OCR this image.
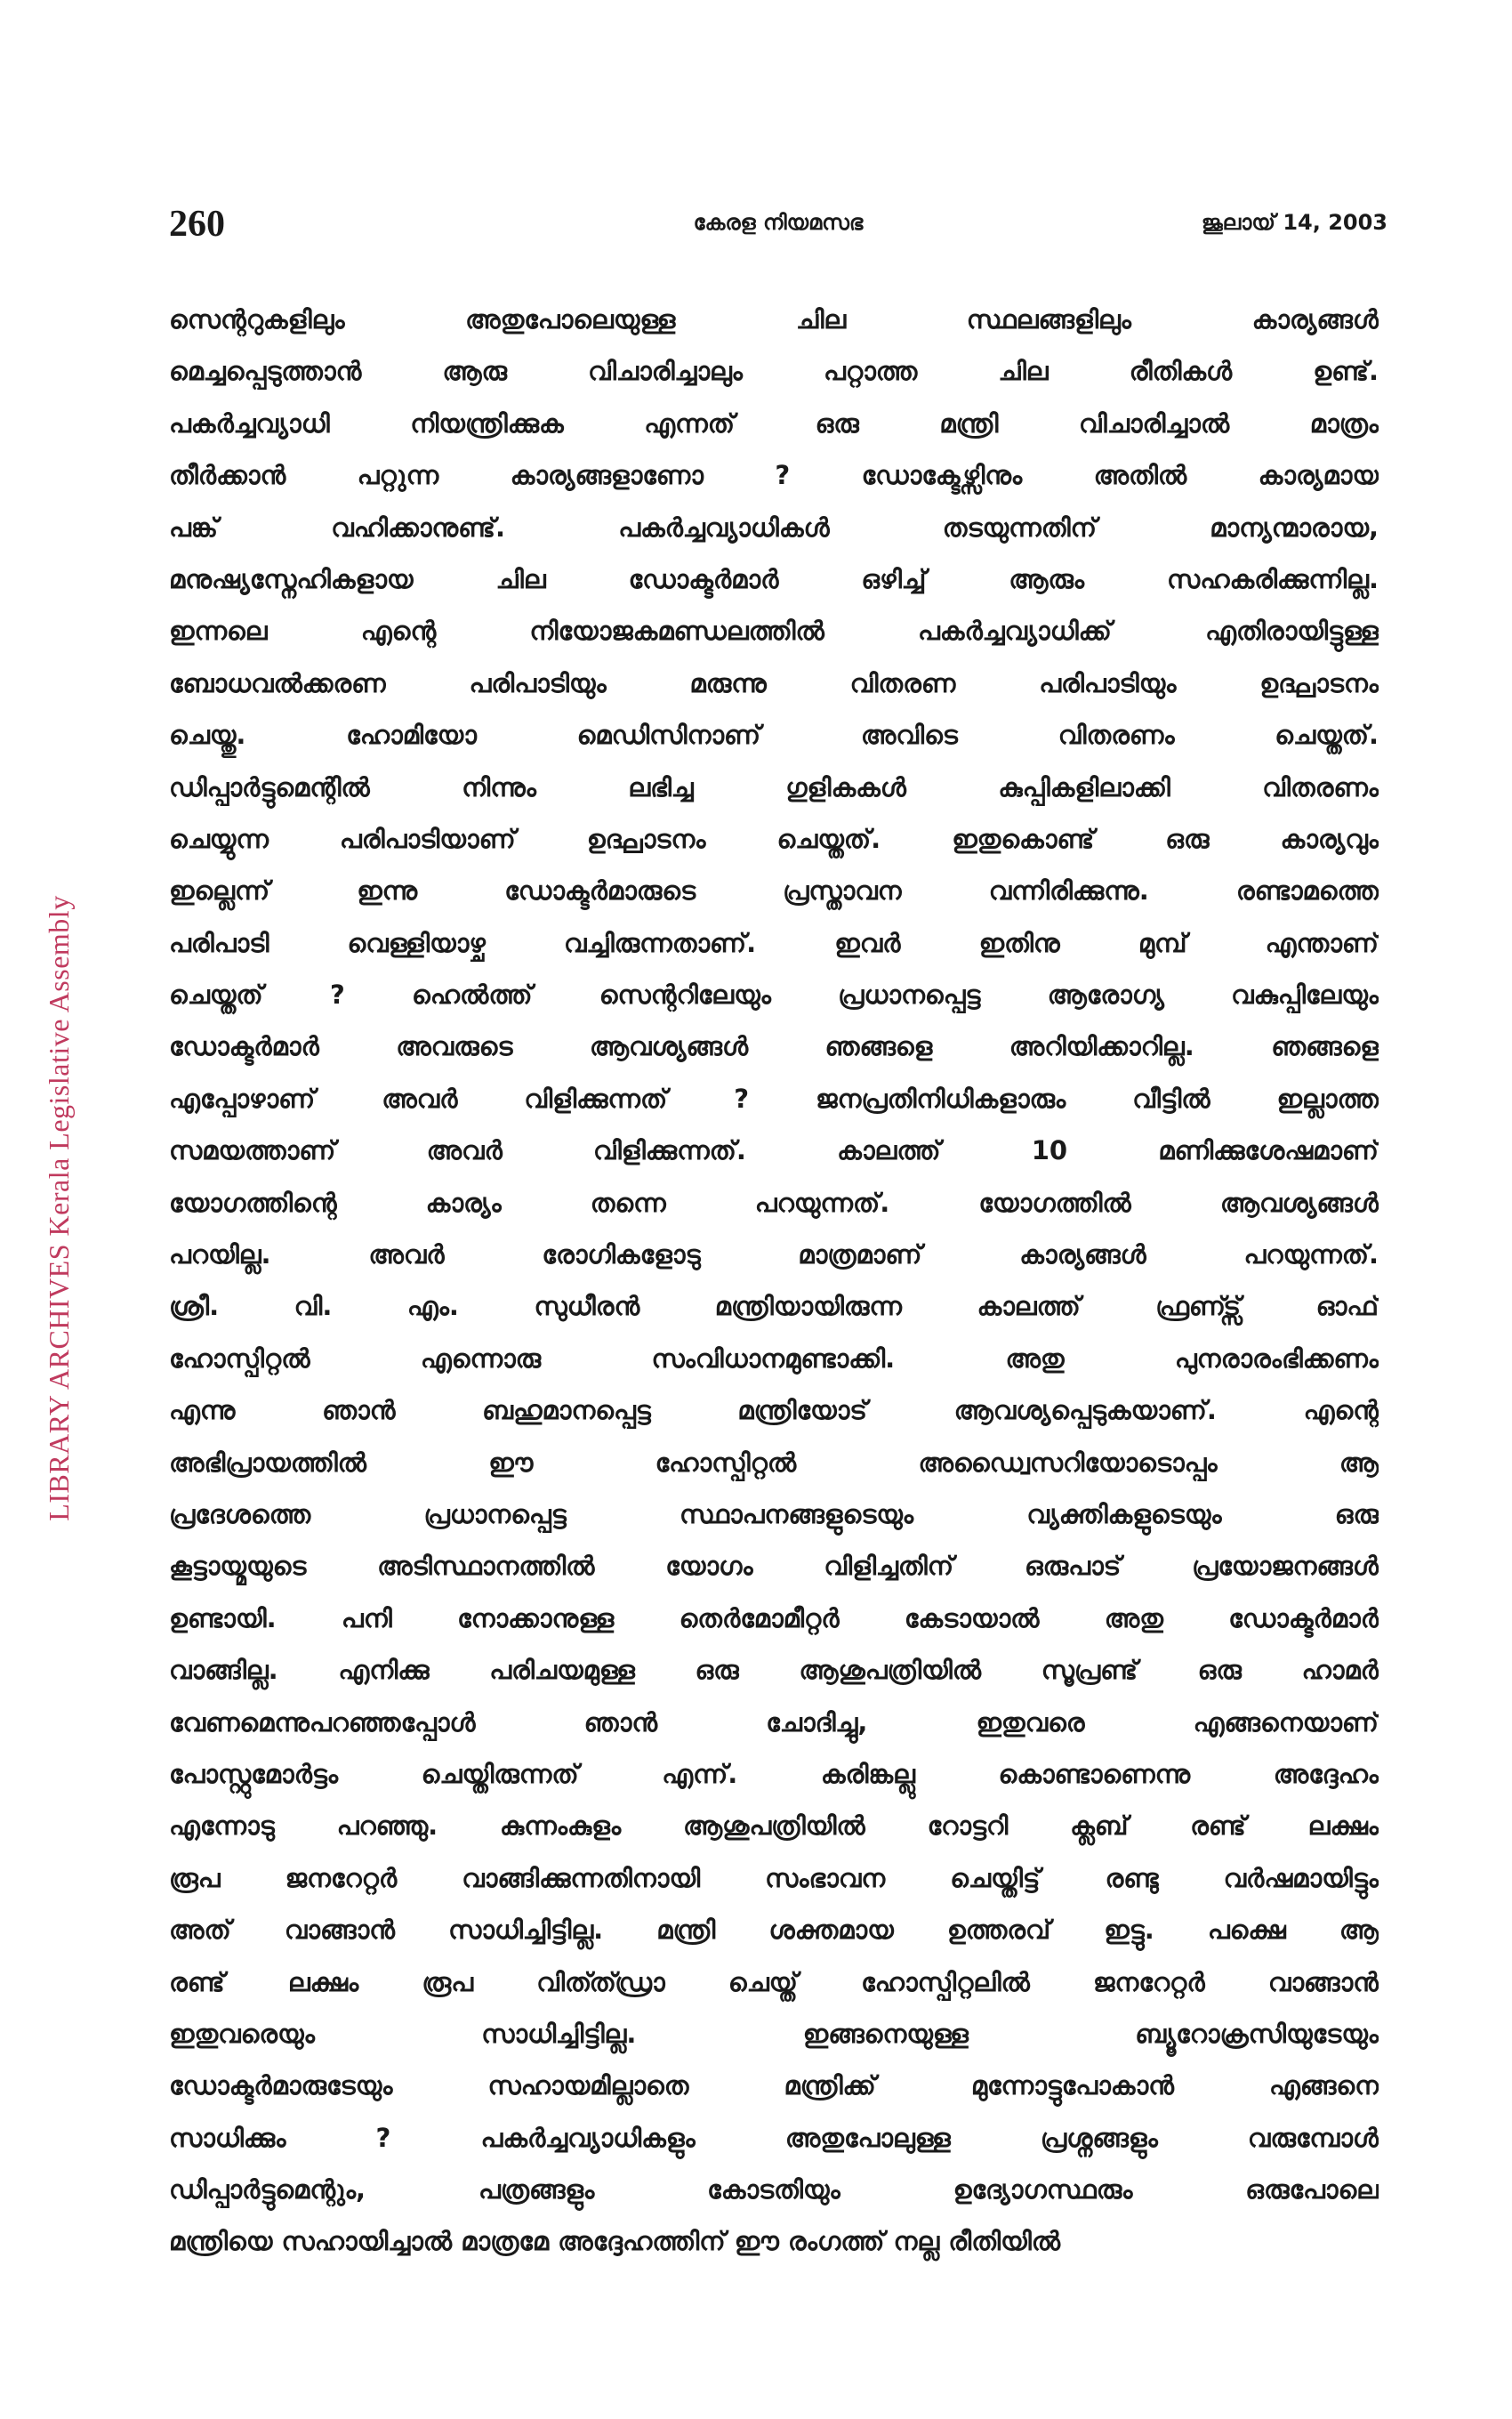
260	കേരള നിയമസഭ	ജൂലായ് 14, 2003
LIBRARY ARCHIVES Kerala Legislative Assembly
സെന്ററുകളിലും അതുപോലെയുള്ള ചില സ്ഥലങ്ങളിലും കാര്യങ്ങൾ
മെച്ചപ്പെടുത്താൻ ആരു വിചാരിച്ചാലും പറ്റാത്ത ചില രീതികൾ ഉണ്ട്.
പകർച്ചവ്യാധി നിയന്ത്രിക്കുക എന്നത് ഒരു മന്ത്രി വിചാരിച്ചാൽ മാത്രം
തീർക്കാൻ പറ്റുന്ന കാര്യങ്ങളാണോ ? ഡോക്ടേഴ്സിനും അതിൽ കാര്യമായ
പങ്ക് വഹിക്കാനുണ്ട്. പകർച്ചവ്യാധികൾ തടയുന്നതിന് മാന്യന്മാരായ,
മനുഷ്യസ്നേഹികളായ ചില ഡോക്ടർമാർ ഒഴിച്ച് ആരും സഹകരിക്കുന്നില്ല.
ഇന്നലെ എന്റെ നിയോജകമണ്ഡലത്തിൽ പകർച്ചവ്യാധിക്ക് എതിരായിട്ടുള്ള
ബോധവൽക്കരണ പരിപാടിയും മരുന്നു വിതരണ പരിപാടിയും ഉദ്ഘാടനം
ചെയ്തു. ഹോമിയോ മെഡിസിനാണ് അവിടെ വിതരണം ചെയ്തത്.
ഡിപ്പാർട്ടുമെന്റിൽ നിന്നും ലഭിച്ച ഗുളികകൾ കുപ്പികളിലാക്കി വിതരണം
ചെയ്യുന്ന പരിപാടിയാണ് ഉദ്ഘാടനം ചെയ്തത്. ഇതുകൊണ്ട് ഒരു കാര്യവും
ഇല്ലെന്ന് ഇന്നു ഡോക്ടർമാരുടെ പ്രസ്താവന വന്നിരിക്കുന്നു. രണ്ടാമത്തെ
പരിപാടി വെള്ളിയാഴ്ച വച്ചിരുന്നതാണ്. ഇവർ ഇതിനു മുമ്പ് എന്താണ്
ചെയ്തത് ? ഹെൽത്ത് സെന്ററിലേയും പ്രധാനപ്പെട്ട ആരോഗ്യ വകുപ്പിലേയും
ഡോക്ടർമാർ അവരുടെ ആവശ്യങ്ങൾ ഞങ്ങളെ അറിയിക്കാറില്ല. ഞങ്ങളെ
എപ്പോഴാണ് അവർ വിളിക്കുന്നത് ? ജനപ്രതിനിധികളാരും വീട്ടിൽ ഇല്ലാത്ത
സമയത്താണ് അവർ വിളിക്കുന്നത്. കാലത്ത് 10 മണിക്കുശേഷമാണ്
യോഗത്തിന്റെ കാര്യം തന്നെ പറയുന്നത്. യോഗത്തിൽ ആവശ്യങ്ങൾ
പറയില്ല. അവർ രോഗികളോടു മാത്രമാണ് കാര്യങ്ങൾ പറയുന്നത്.
ശ്രീ. വി. എം. സുധീരൻ മന്ത്രിയായിരുന്ന കാലത്ത് ഫ്രണ്ട്സ് ഓഫ്
ഹോസ്പിറ്റൽ എന്നൊരു സംവിധാനമുണ്ടാക്കി. അതു പുനരാരംഭിക്കണം
എന്നു ഞാൻ ബഹുമാനപ്പെട്ട മന്ത്രിയോട് ആവശ്യപ്പെടുകയാണ്. എന്റെ
അഭിപ്രായത്തിൽ ഈ ഹോസ്പിറ്റൽ അഡ്വൈസറിയോടൊപ്പം ആ
പ്രദേശത്തെ പ്രധാനപ്പെട്ട സ്ഥാപനങ്ങളുടെയും വ്യക്തികളുടെയും ഒരു
കൂട്ടായ്മയുടെ അടിസ്ഥാനത്തിൽ യോഗം വിളിച്ചതിന് ഒരുപാട് പ്രയോജനങ്ങൾ
ഉണ്ടായി. പനി നോക്കാനുള്ള തെർമോമീറ്റർ കേടായാൽ അതു ഡോക്ടർമാർ
വാങ്ങില്ല. എനിക്കു പരിചയമുള്ള ഒരു ആശുപത്രിയിൽ സൂപ്രണ്ട് ഒരു ഹാമർ
വേണമെന്നുപറഞ്ഞപ്പോൾ ഞാൻ ചോദിച്ചു, ഇതുവരെ എങ്ങനെയാണ്
പോസ്റ്റുമോർട്ടം ചെയ്തിരുന്നത് എന്ന്. കരിങ്കല്ലു കൊണ്ടാണെന്നു അദ്ദേഹം
എന്നോടു പറഞ്ഞു. കുന്നംകുളം ആശുപത്രിയിൽ റോട്ടറി ക്ലബ് രണ്ട് ലക്ഷം
രൂപ ജനറേറ്റർ വാങ്ങിക്കുന്നതിനായി സംഭാവന ചെയ്തിട്ട് രണ്ടു വർഷമായിട്ടും
അത് വാങ്ങാൻ സാധിച്ചിട്ടില്ല. മന്ത്രി ശക്തമായ ഉത്തരവ് ഇട്ടു. പക്ഷെ ആ
രണ്ട് ലക്ഷം രൂപ വിത്ത്ഡ്രാ ചെയ്ത് ഹോസ്പിറ്റലിൽ ജനറേറ്റർ വാങ്ങാൻ
ഇതുവരെയും സാധിച്ചിട്ടില്ല. ഇങ്ങനെയുള്ള ബ്യൂറോക്രസിയുടേയും
ഡോക്ടർമാരുടേയും സഹായമില്ലാതെ മന്ത്രിക്ക് മുന്നോട്ടുപോകാൻ എങ്ങനെ
സാധിക്കും ? പകർച്ചവ്യാധികളും അതുപോലുള്ള പ്രശ്നങ്ങളും വരുമ്പോൾ
ഡിപ്പാർട്ടുമെന്റും, പത്രങ്ങളും കോടതിയും ഉദ്യോഗസ്ഥരും ഒരുപോലെ
മന്ത്രിയെ സഹായിച്ചാൽ മാത്രമേ അദ്ദേഹത്തിന് ഈ രംഗത്ത് നല്ല രീതിയിൽ
